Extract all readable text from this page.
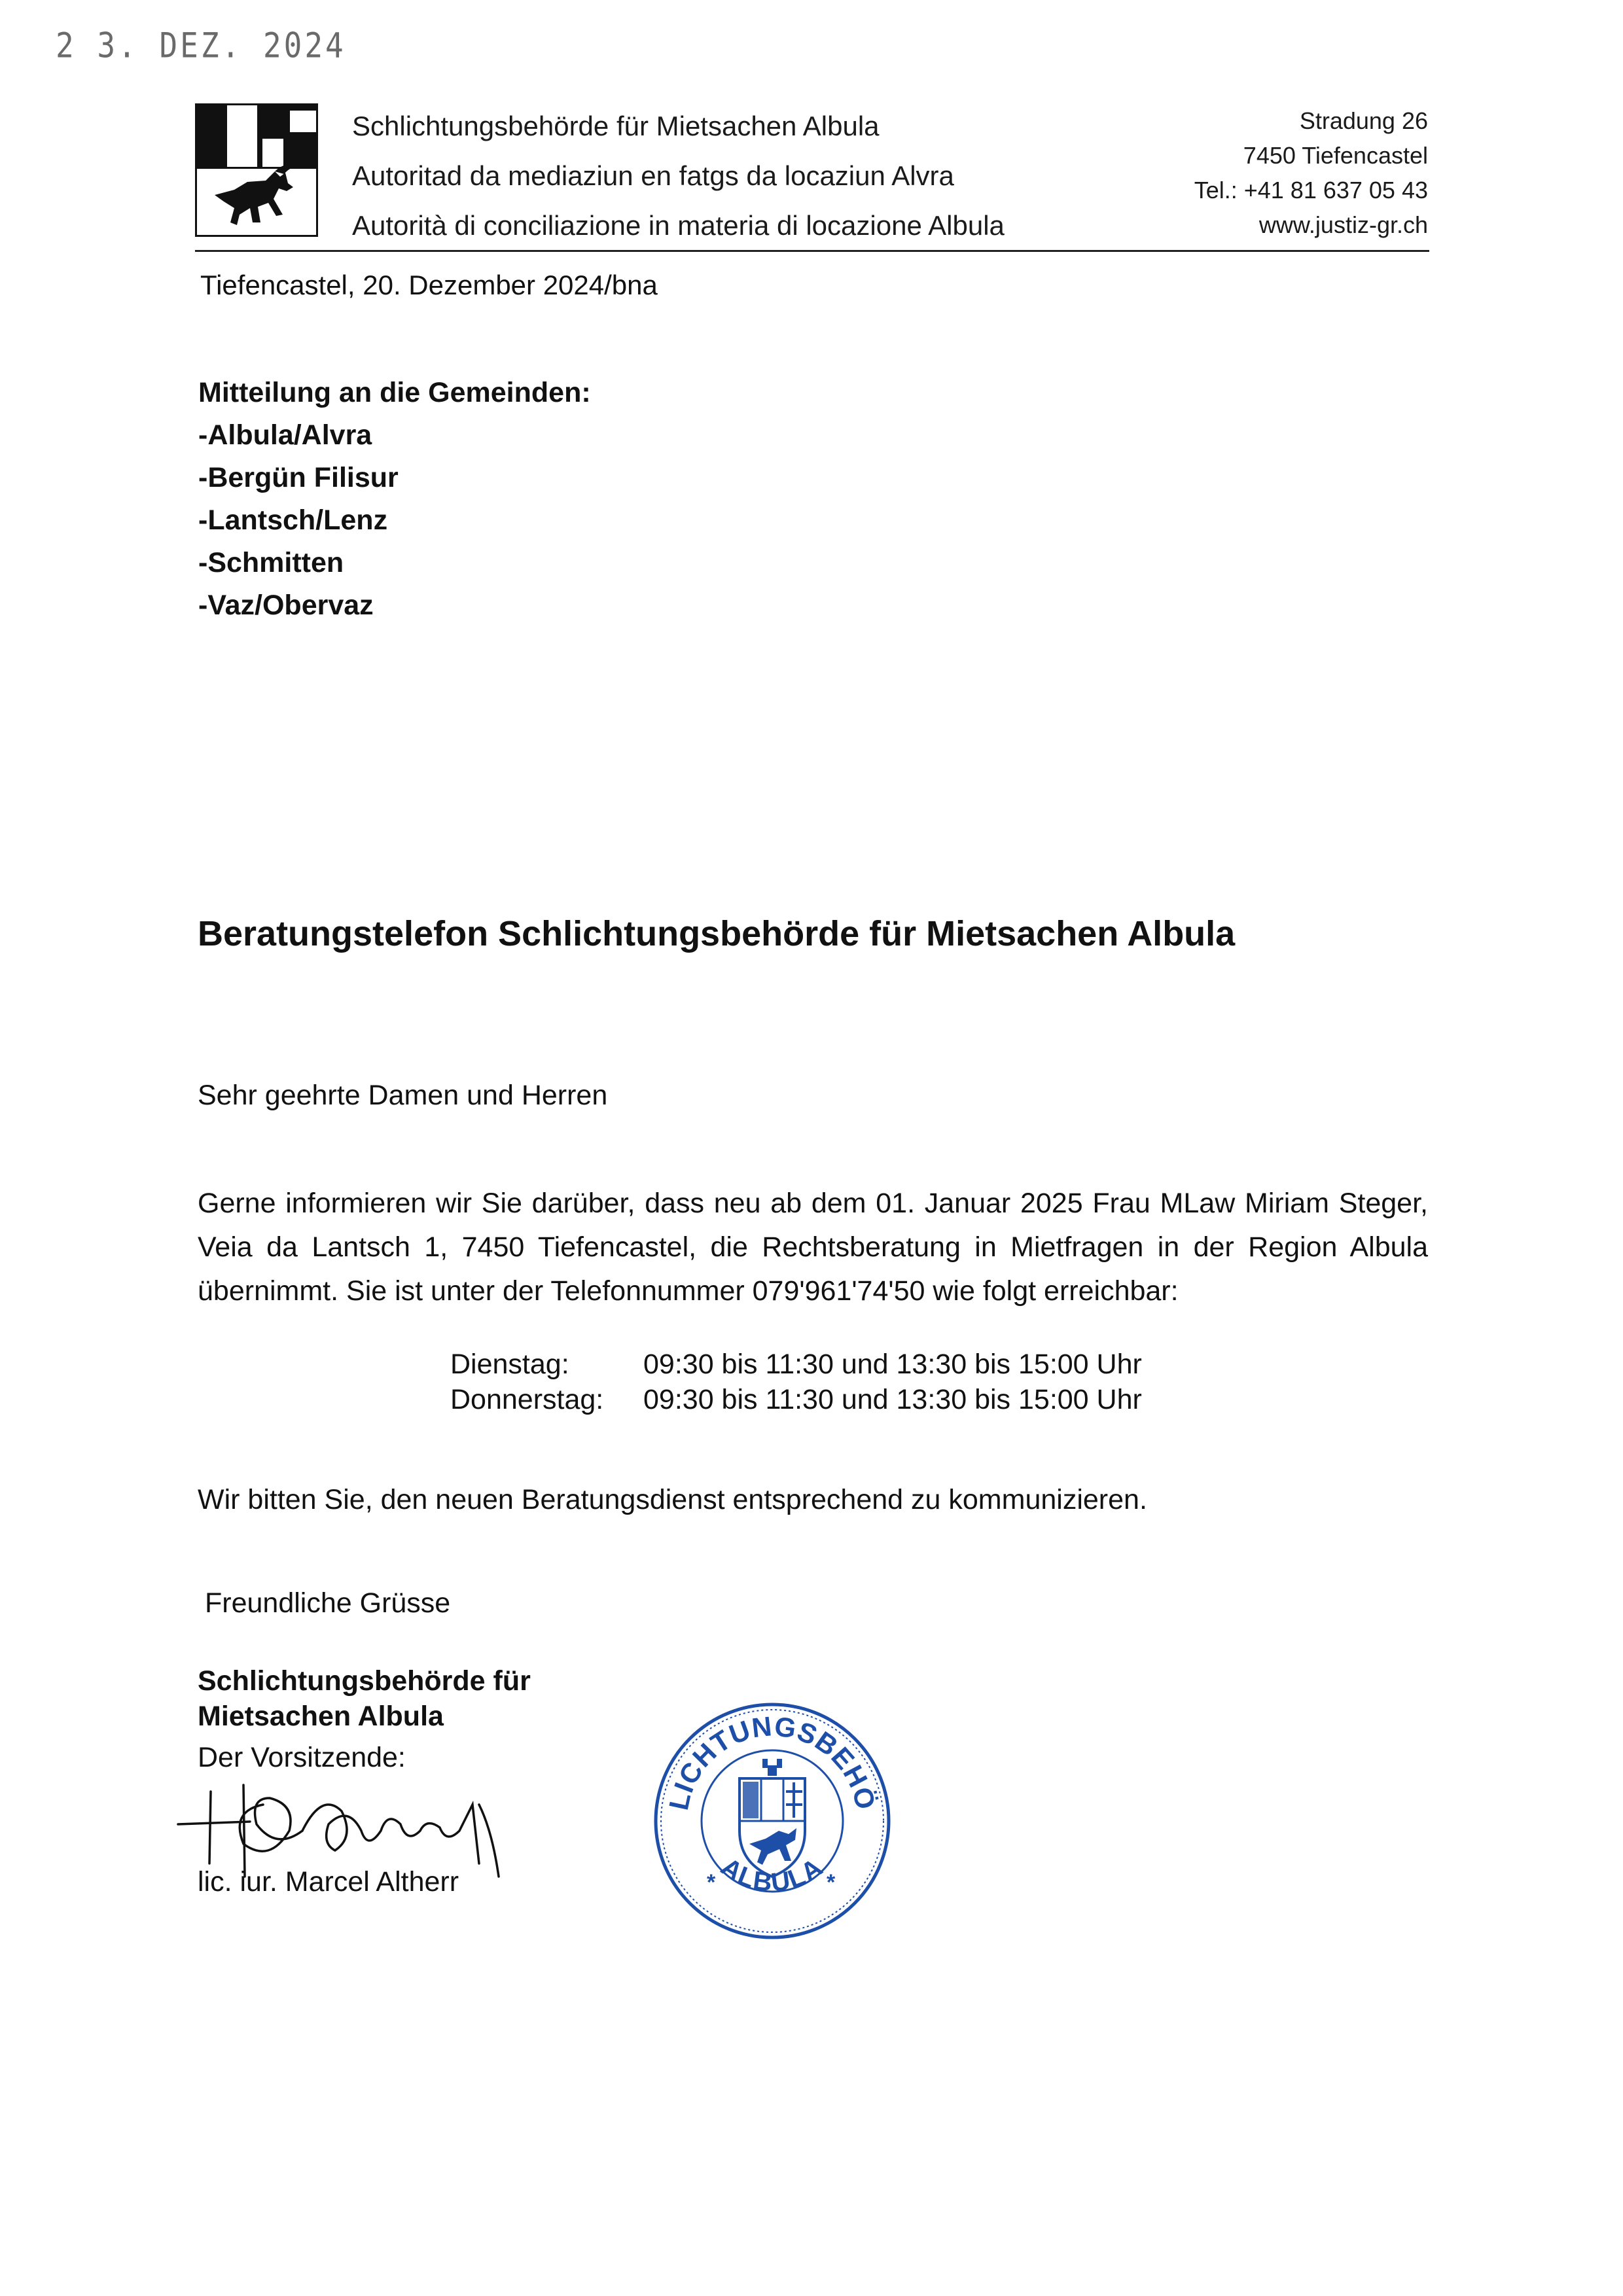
2 3. DEZ. 2024
Schlichtungsbehörde für Mietsachen Albula
Autoritad da mediaziun en fatgs da locaziun Alvra
Autorità di conciliazione in materia di locazione Albula
Stradung 26
7450 Tiefencastel
Tel.: +41 81 637 05 43
www.justiz-gr.ch
Tiefencastel, 20. Dezember 2024/bna
Mitteilung an die Gemeinden:
-Albula/Alvra
-Bergün Filisur
-Lantsch/Lenz
-Schmitten
-Vaz/Obervaz
Beratungstelefon Schlichtungsbehörde für Mietsachen Albula
Sehr geehrte Damen und Herren
Gerne informieren wir Sie darüber, dass neu ab dem 01. Januar 2025 Frau MLaw Miriam Steger, Veia da Lantsch 1, 7450 Tiefencastel, die Rechtsberatung in Mietfragen in der Region Albula übernimmt. Sie ist unter der Telefonnummer 079'961'74'50 wie folgt erreichbar:
Dienstag:	09:30 bis 11:30 und 13:30 bis 15:00 Uhr
Donnerstag: 09:30 bis 11:30 und 13:30 bis 15:00 Uhr
Wir bitten Sie, den neuen Beratungsdienst entsprechend zu kommunizieren.
Freundliche Grüsse
Schlichtungsbehörde für
Mietsachen Albula
Der Vorsitzende:
lic. iur. Marcel Altherr
LICHTUNGSBEHÖ
ALBULA
*	*
